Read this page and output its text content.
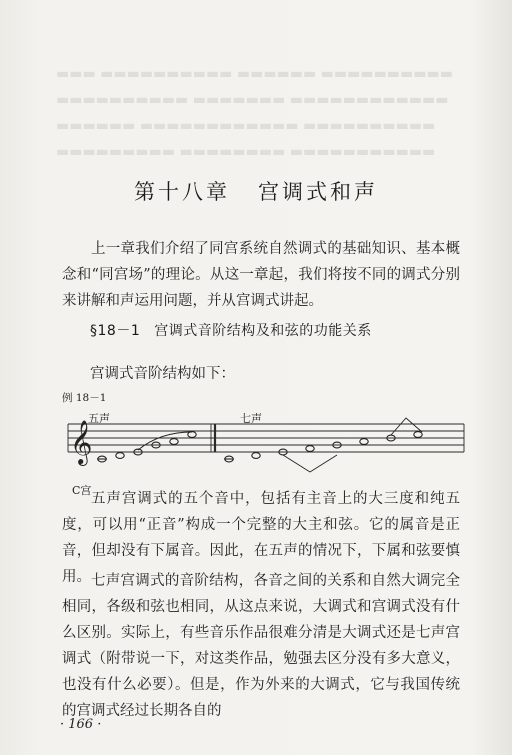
▬▬▬ ▬▬▬▬▬▬▬▬▬▬ ▬▬▬▬▬▬ ▬▬▬▬▬▬▬▬▬▬
▬▬▬▬▬▬▬▬▬▬ ▬▬▬▬▬▬▬ ▬▬▬▬▬▬▬▬▬▬▬▬
▬▬▬▬▬▬ ▬▬▬▬▬▬▬▬▬▬▬▬ ▬▬▬▬▬▬▬▬▬▬
▬▬▬▬▬▬▬▬▬ ▬▬▬▬▬▬▬▬ ▬▬▬▬▬▬▬▬▬▬▬
第十八章 宫调式和声

上一章我们介绍了同宫系统自然调式的基础知识、基本概念和“同宫场”的理论。从这一章起，我们将按不同的调式分别来讲解和声运用问题，并从宫调式讲起。

§18－1 宫调式音阶结构及和弦的功能关系
宫调式音阶结构如下：
例 18－1
五声	七声
C宫
𝄞

五声宫调式的五个音中，包括有主音上的大三度和纯五度，可以用“正音”构成一个完整的大主和弦。它的属音是正音，但却没有下属音。因此，在五声的情况下，下属和弦要慎用。 七声宫调式的音阶结构，各音之间的关系和自然大调完全相同，各级和弦也相同，从这点来说，大调式和宫调式没有什么区别。实际上，有些音乐作品很难分清是大调式还是七声宫调式（附带说一下，对这类作品，勉强去区分没有多大意义，也没有什么必要）。但是，作为外来的大调式，它与我国传统的宫调式经过长期各自的

· 166 ·
